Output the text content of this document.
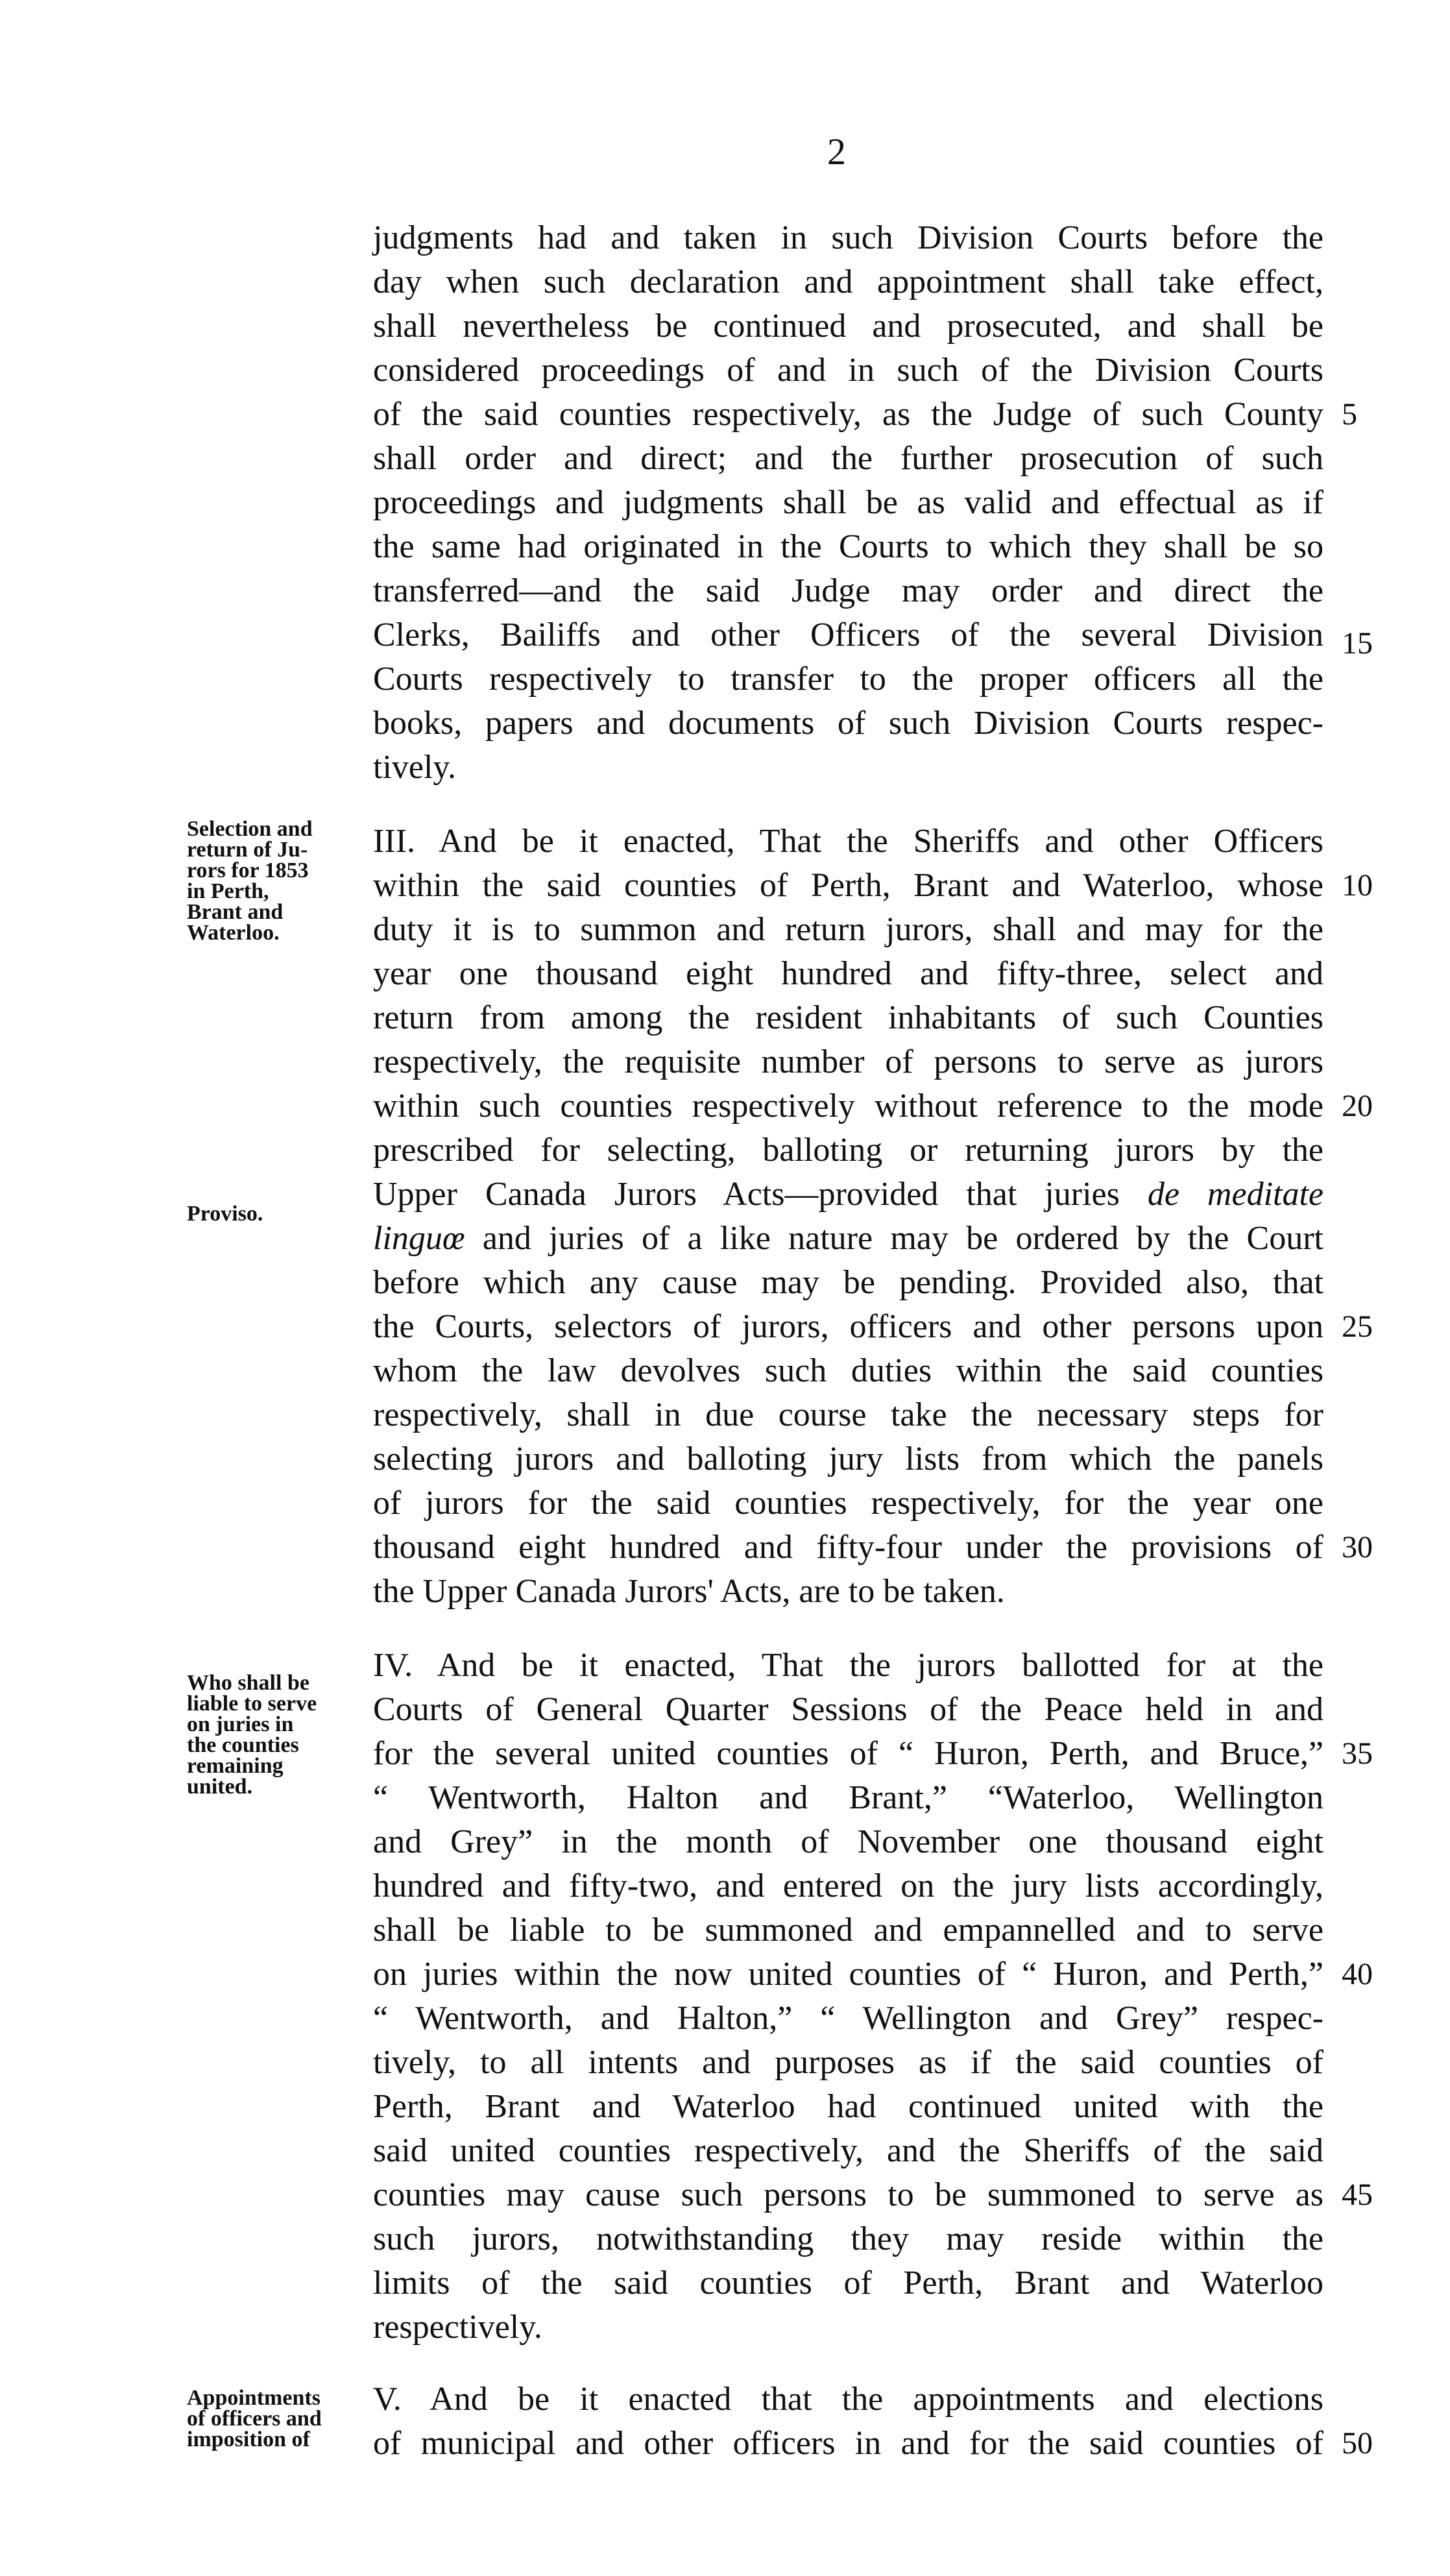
2
judgments had and taken in such Division Courts before the
day when such declaration and appointment shall take effect,
shall nevertheless be continued and prosecuted, and shall be
considered proceedings of and in such of the Division Courts
of the said counties respectively, as the Judge of such County
shall order and direct; and the further prosecution of such
proceedings and judgments shall be as valid and effectual as if
the same had originated in the Courts to which they shall be so
transferred—and the said Judge may order and direct the
Clerks, Bailiffs and other Officers of the several Division
Courts respectively to transfer to the proper officers all the
books, papers and documents of such Division Courts respec-
tively.
5
15
Selection and
return of Ju-
rors for 1853
in Perth,
Brant and
Waterloo.
III. And be it enacted, That the Sheriffs and other Officers
within the said counties of Perth, Brant and Waterloo, whose
duty it is to summon and return jurors, shall and may for the
year one thousand eight hundred and fifty-three, select and
return from among the resident inhabitants of such Counties
respectively, the requisite number of persons to serve as jurors
within such counties respectively without reference to the mode
prescribed for selecting, balloting or returning jurors by the
Upper Canada Jurors Acts—provided that juries de meditate
linguœ and juries of a like nature may be ordered by the Court
before which any cause may be pending. Provided also, that
the Courts, selectors of jurors, officers and other persons upon
whom the law devolves such duties within the said counties
respectively, shall in due course take the necessary steps for
selecting jurors and balloting jury lists from which the panels
of jurors for the said counties respectively, for the year one
thousand eight hundred and fifty-four under the provisions of
the Upper Canada Jurors' Acts, are to be taken.
Proviso.
10
20
25
30
Who shall be
liable to serve
on juries in
the counties
remaining
united.
IV. And be it enacted, That the jurors ballotted for at the
Courts of General Quarter Sessions of the Peace held in and
for the several united counties of “ Huron, Perth, and Bruce,”
“ Wentworth, Halton and Brant,” “Waterloo, Wellington
and Grey” in the month of November one thousand eight
hundred and fifty-two, and entered on the jury lists accordingly,
shall be liable to be summoned and empannelled and to serve
on juries within the now united counties of “ Huron, and Perth,”
“ Wentworth, and Halton,” “ Wellington and Grey” respec-
tively, to all intents and purposes as if the said counties of
Perth, Brant and Waterloo had continued united with the
said united counties respectively, and the Sheriffs of the said
counties may cause such persons to be summoned to serve as
such jurors, notwithstanding they may reside within the
limits of the said counties of Perth, Brant and Waterloo
respectively.
35
40
45
Appointments
of officers and
imposition of
V. And be it enacted that the appointments and elections
of municipal and other officers in and for the said counties of 50
